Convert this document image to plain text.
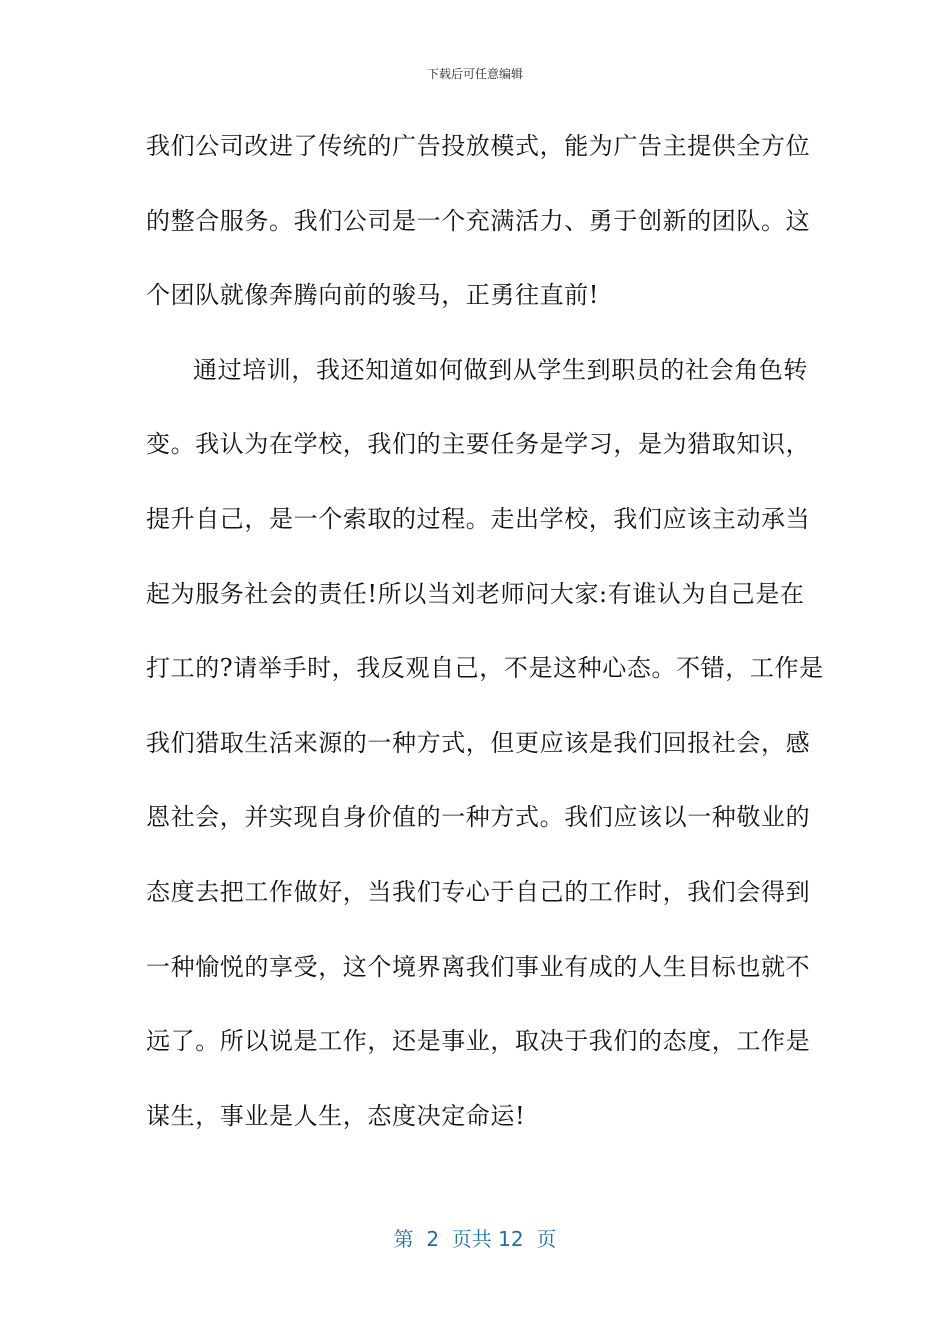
下载后可任意编辑
我们公司改进了传统的广告投放模式，能为广告主提供全方位
的整合服务。我们公司是一个充满活力、勇于创新的团队。这
个团队就像奔腾向前的骏马，正勇往直前!
通过培训，我还知道如何做到从学生到职员的社会角色转
变。我认为在学校，我们的主要任务是学习，是为猎取知识，
提升自己，是一个索取的过程。走出学校，我们应该主动承当
起为服务社会的责任!所以当刘老师问大家:有谁认为自己是在
打工的?请举手时，我反观自己，不是这种心态。不错，工作是
我们猎取生活来源的一种方式，但更应该是我们回报社会，感
恩社会，并实现自身价值的一种方式。我们应该以一种敬业的
态度去把工作做好，当我们专心于自己的工作时，我们会得到
一种愉悦的享受，这个境界离我们事业有成的人生目标也就不
远了。所以说是工作，还是事业，取决于我们的态度，工作是
谋生，事业是人生，态度决定命运!
第  2  页共 12  页
